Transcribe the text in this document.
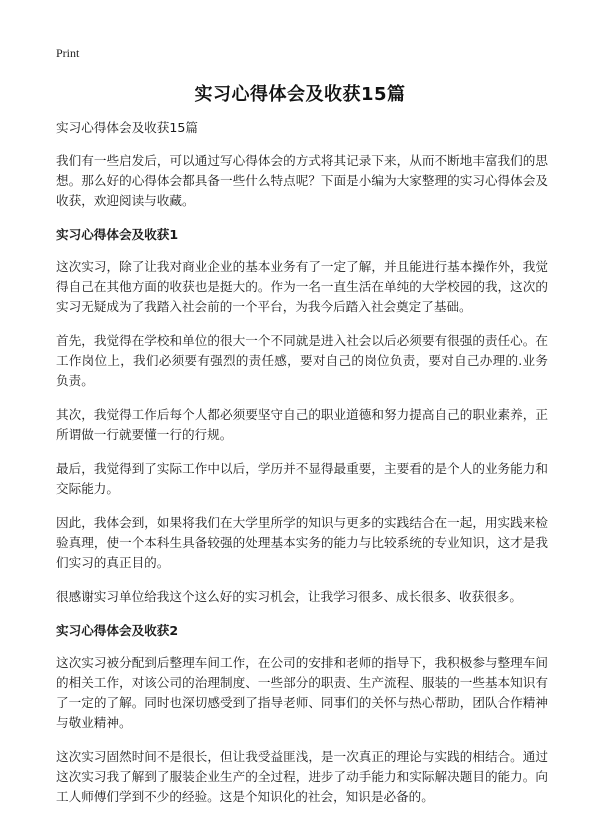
Print
实习心得体会及收获15篇

实习心得体会及收获15篇

我们有一些启发后，可以通过写心得体会的方式将其记录下来，从而不断地丰富我们的思想。那么好的心得体会都具备一些什么特点呢？下面是小编为大家整理的实习心得体会及收获，欢迎阅读与收藏。

实习心得体会及收获1

这次实习，除了让我对商业企业的基本业务有了一定了解，并且能进行基本操作外，我觉得自己在其他方面的收获也是挺大的。作为一名一直生活在单纯的大学校园的我，这次的实习无疑成为了我踏入社会前的一个平台，为我今后踏入社会奠定了基础。

首先，我觉得在学校和单位的很大一个不同就是进入社会以后必须要有很强的责任心。在工作岗位上，我们必须要有强烈的责任感，要对自己的岗位负责，要对自己办理的.业务负责。

其次，我觉得工作后每个人都必须要坚守自己的职业道德和努力提高自己的职业素养，正所谓做一行就要懂一行的行规。

最后，我觉得到了实际工作中以后，学历并不显得最重要，主要看的是个人的业务能力和交际能力。

因此，我体会到，如果将我们在大学里所学的知识与更多的实践结合在一起，用实践来检验真理，使一个本科生具备较强的处理基本实务的能力与比较系统的专业知识，这才是我们实习的真正目的。

很感谢实习单位给我这个这么好的实习机会，让我学习很多、成长很多、收获很多。

实习心得体会及收获2

这次实习被分配到后整理车间工作，在公司的安排和老师的指导下，我积极参与整理车间的相关工作，对该公司的治理制度、一些部分的职责、生产流程、服装的一些基本知识有了一定的了解。同时也深切感受到了指导老师、同事们的关怀与热心帮助，团队合作精神与敬业精神。

这次实习固然时间不是很长，但让我受益匪浅，是一次真正的理论与实践的相结合。通过这次实习我了解到了服装企业生产的全过程，进步了动手能力和实际解决题目的能力。向工人师傅们学到不少的经验。这是个知识化的社会，知识是必备的。
